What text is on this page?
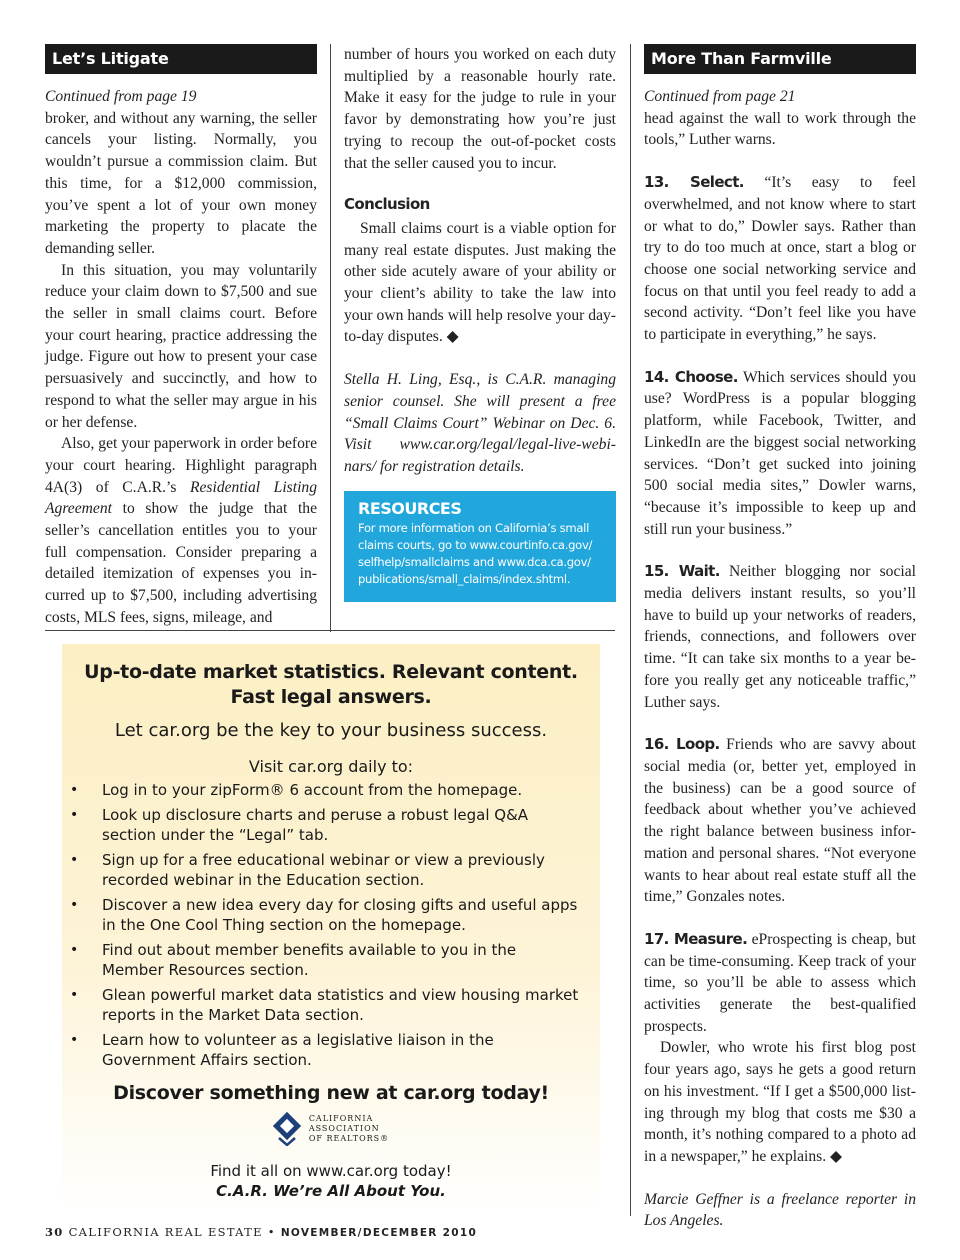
Let’s Litigate

Continued from page 19

broker, and without any warning, the seller cancels your listing. Normally, you wouldn’t pursue a commission claim. But this time, for a $12,000 commission, you’ve spent a lot of your own money marketing the property to placate the demanding seller.

In this situation, you may voluntarily reduce your claim down to $7,500 and sue the seller in small claims court. Before your court hearing, practice addressing the judge. Figure out how to present your case persuasively and succinctly, and how to respond to what the seller may argue in his or her defense.

Also, get your paperwork in order before your court hearing. Highlight paragraph 4A(3) of C.A.R.’s Residential Listing Agreement to show the judge that the seller’s cancellation entitles you to your full compensation. Consider preparing a detailed itemization of expenses you incurred up to $7,500, including advertising costs, MLS fees, signs, mileage, and

number of hours you worked on each duty multiplied by a reasonable hourly rate. Make it easy for the judge to rule in your favor by demonstrating how you’re just trying to recoup the out-of-pocket costs that the seller caused you to incur.

Conclusion

Small claims court is a viable option for many real estate disputes. Just making the other side acutely aware of your ability or your client’s ability to take the law into your own hands will help resolve your day-to-day disputes. ◆

Stella H. Ling, Esq., is C.A.R. managing senior counsel. She will present a free “Small Claims Court” Webinar on Dec. 6. Visit www.car.org/legal/legal-live-webinars/ for registration details.

RESOURCES
For more information on California’s small claims courts, go to www.courtinfo.ca.gov/ selfhelp/smallclaims and www.dca.ca.gov/ publications/small_claims/index.shtml.
More Than Farmville

Continued from page 21

head against the wall to work through the tools,” Luther warns.

13. Select. “It’s easy to feel overwhelmed, and not know where to start or what to do,” Dowler says. Rather than try to do too much at once, start a blog or choose one social networking service and focus on that until you feel ready to add a second activity. “Don’t feel like you have to participate in everything,” he says.

14. Choose. Which services should you use? WordPress is a popular blogging platform, while Facebook, Twitter, and LinkedIn are the biggest social networking services. “Don’t get sucked into joining 500 social media sites,” Dowler warns, “because it’s impossible to keep up and still run your business.”

15. Wait. Neither blogging nor social media delivers instant results, so you’ll have to build up your networks of readers, friends, connections, and followers over time. “It can take six months to a year before you really get any noticeable traffic,” Luther says.

16. Loop. Friends who are savvy about social media (or, better yet, employed in the business) can be a good source of feedback about whether you’ve achieved the right balance between business information and personal shares. “Not everyone wants to hear about real estate stuff all the time,” Gonzales notes.

17. Measure. eProspecting is cheap, but can be time-consuming. Keep track of your time, so you’ll be able to assess which activities generate the best-qualified prospects.

Dowler, who wrote his first blog post four years ago, says he gets a good return on his investment. “If I get a $500,000 listing through my blog that costs me $30 a month, it’s nothing compared to a photo ad in a newspaper,” he explains. ◆

Marcie Geffner is a freelance reporter in Los Angeles.

Up-to-date market statistics. Relevant content. Fast legal answers.
Let car.org be the key to your business success.
Visit car.org daily to:
• Log in to your zipForm® 6 account from the homepage.
• Look up disclosure charts and peruse a robust legal Q&A section under the “Legal” tab.
• Sign up for a free educational webinar or view a previously recorded webinar in the Education section.
• Discover a new idea every day for closing gifts and useful apps in the One Cool Thing section on the homepage.
• Find out about member benefits available to you in the Member Resources section.
• Glean powerful market data statistics and view housing market reports in the Market Data section.
• Learn how to volunteer as a legislative liaison in the Government Affairs section.
Discover something new at car.org today!
CALIFORNIA
ASSOCIATION
OF REALTORS®
Find it all on www.car.org today!
C.A.R. We’re All About You.
30 CALIFORNIA REAL ESTATE • NOVEMBER/DECEMBER 2010
